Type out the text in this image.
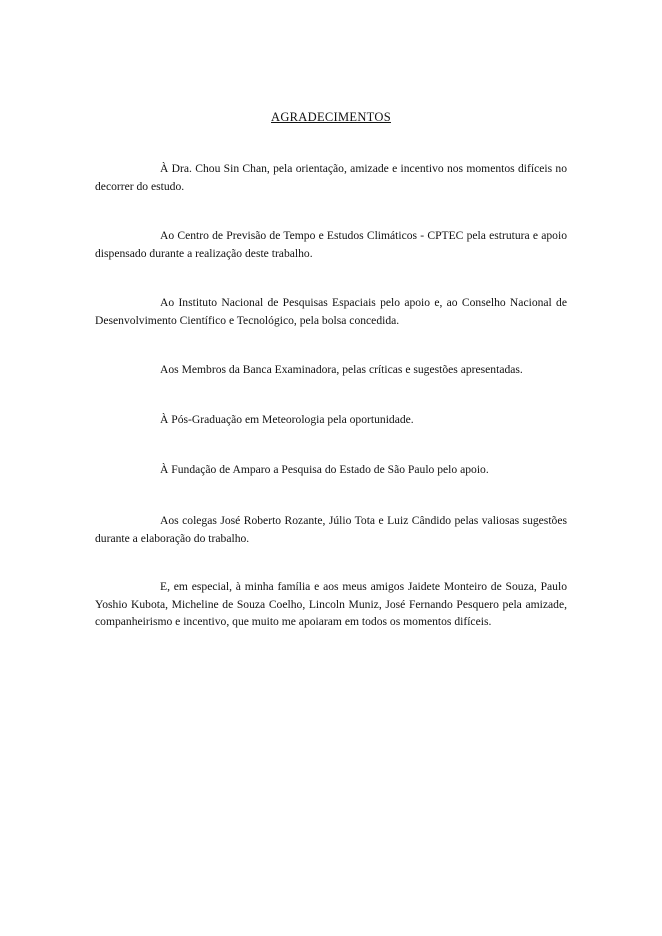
AGRADECIMENTOS

À Dra. Chou Sin Chan, pela orientação, amizade e incentivo nos momentos difíceis no decorrer do estudo.

Ao Centro de Previsão de Tempo e Estudos Climáticos - CPTEC pela estrutura e apoio dispensado durante a realização deste trabalho.

Ao Instituto Nacional de Pesquisas Espaciais pelo apoio e, ao Conselho Nacional de Desenvolvimento Científico e Tecnológico, pela bolsa concedida.

Aos Membros da Banca Examinadora, pelas críticas e sugestões apresentadas.

À Pós-Graduação em Meteorologia pela oportunidade.

À Fundação de Amparo a Pesquisa do Estado de São Paulo pelo apoio.

Aos colegas José Roberto Rozante, Júlio Tota e Luiz Cândido pelas valiosas sugestões durante a elaboração do trabalho.

E, em especial, à minha família e aos meus amigos Jaidete Monteiro de Souza, Paulo Yoshio Kubota, Micheline de Souza Coelho, Lincoln Muniz, José Fernando Pesquero pela amizade, companheirismo e incentivo, que muito me apoiaram em todos os momentos difíceis.
